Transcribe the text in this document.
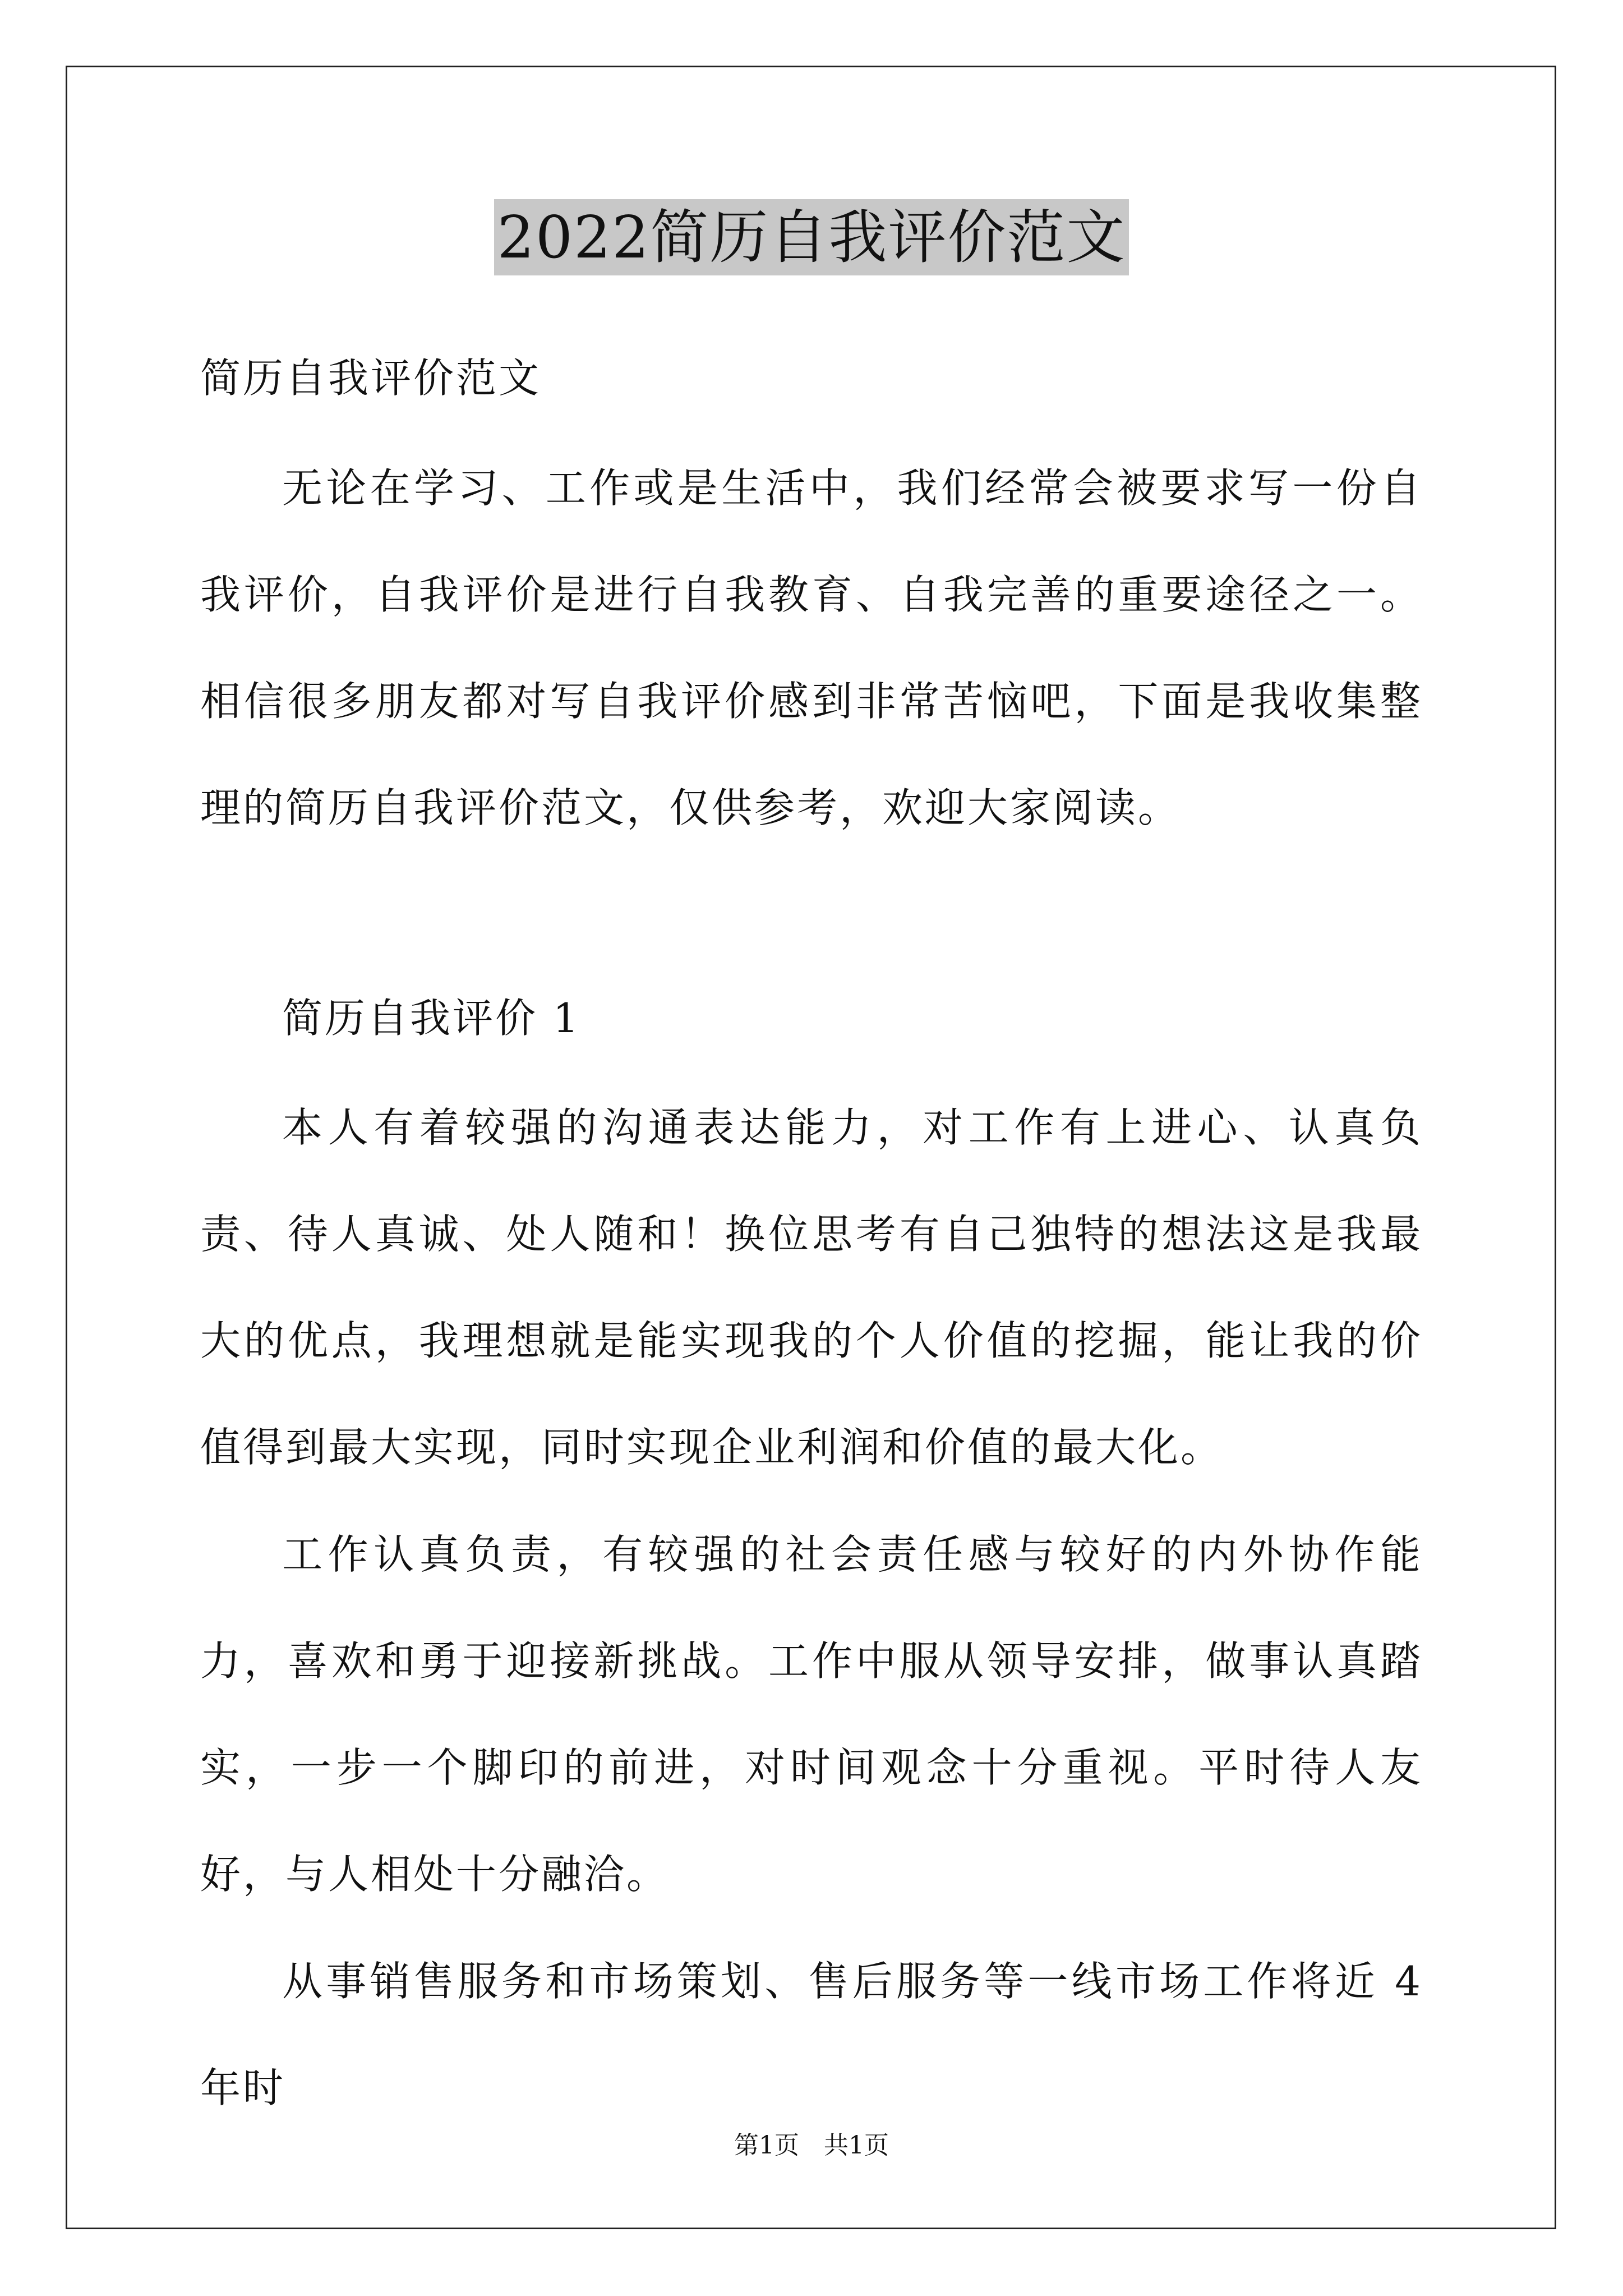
2022简历自我评价范文
简历自我评价范文
无论在学习、工作或是生活中，我们经常会被要求写一份自我评价，自我评价是进行自我教育、自我完善的重要途径之一。相信很多朋友都对写自我评价感到非常苦恼吧，下面是我收集整理的简历自我评价范文，仅供参考，欢迎大家阅读。
简历自我评价 1
本人有着较强的沟通表达能力，对工作有上进心、认真负责、待人真诚、处人随和！换位思考有自己独特的想法这是我最大的优点，我理想就是能实现我的个人价值的挖掘，能让我的价值得到最大实现，同时实现企业利润和价值的最大化。
工作认真负责，有较强的社会责任感与较好的内外协作能力，喜欢和勇于迎接新挑战。工作中服从领导安排，做事认真踏实，一步一个脚印的前进，对时间观念十分重视。平时待人友好，与人相处十分融洽。
从事销售服务和市场策划、售后服务等一线市场工作将近 4 年时
第1页　共1页
